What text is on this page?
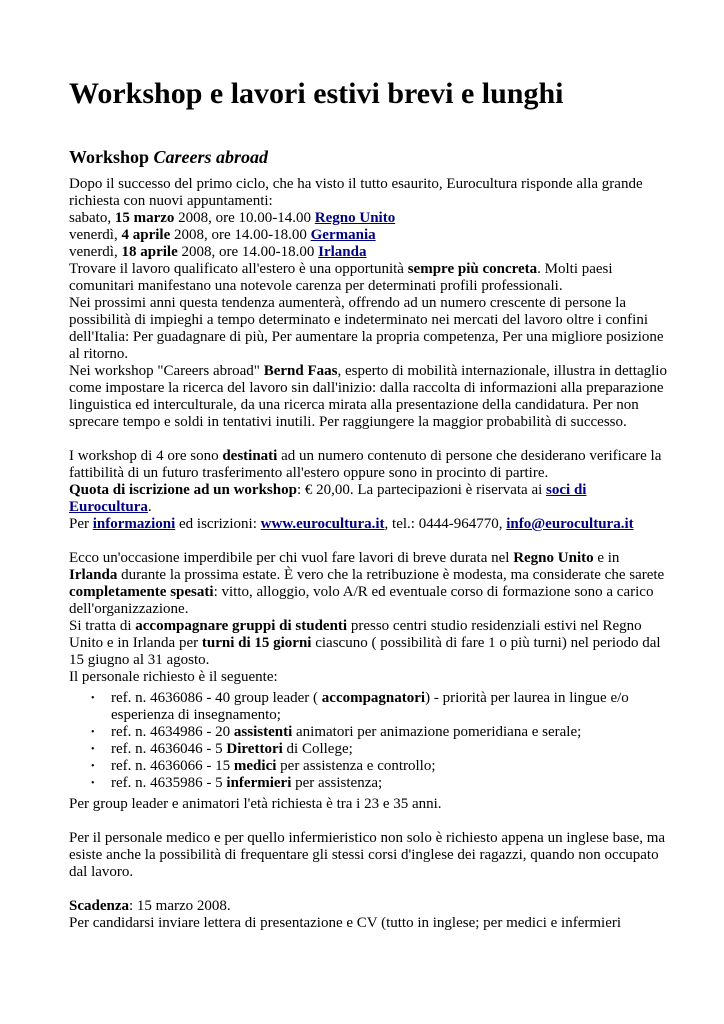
Workshop e lavori estivi brevi e lunghi
Workshop Careers abroad

Dopo il successo del primo ciclo, che ha visto il tutto esaurito, Eurocultura risponde alla grande richiesta con nuovi appuntamenti:

sabato, 15 marzo 2008, ore 10.00-14.00 Regno Unito

venerdì, 4 aprile 2008, ore 14.00-18.00 Germania

venerdì, 18 aprile 2008, ore 14.00-18.00 Irlanda

Trovare il lavoro qualificato all'estero è una opportunità sempre più concreta. Molti paesi comunitari manifestano una notevole carenza per determinati profili professionali.

Nei prossimi anni questa tendenza aumenterà, offrendo ad un numero crescente di persone la possibilità di impieghi a tempo determinato e indeterminato nei mercati del lavoro oltre i confini dell'Italia: Per guadagnare di più, Per aumentare la propria competenza, Per una migliore posizione al ritorno.

Nei workshop "Careers abroad" Bernd Faas, esperto di mobilità internazionale, illustra in dettaglio come impostare la ricerca del lavoro sin dall'inizio: dalla raccolta di informazioni alla preparazione linguistica ed interculturale, da una ricerca mirata alla presentazione della candidatura. Per non sprecare tempo e soldi in tentativi inutili. Per raggiungere la maggior probabilità di successo.

I workshop di 4 ore sono destinati ad un numero contenuto di persone che desiderano verificare la fattibilità di un futuro trasferimento all'estero oppure sono in procinto di partire.

Quota di iscrizione ad un workshop: € 20,00. La partecipazioni è riservata ai soci di Eurocultura.

Per informazioni ed iscrizioni: www.eurocultura.it, tel.: 0444-964770, info@eurocultura.it

Ecco un'occasione imperdibile per chi vuol fare lavori di breve durata nel Regno Unito e in Irlanda durante la prossima estate. È vero che la retribuzione è modesta, ma considerate che sarete completamente spesati: vitto, alloggio, volo A/R ed eventuale corso di formazione sono a carico dell'organizzazione.

Si tratta di accompagnare gruppi di studenti presso centri studio residenziali estivi nel Regno Unito e in Irlanda per turni di 15 giorni ciascuno ( possibilità di fare 1 o più turni) nel periodo dal 15 giugno al 31 agosto.

Il personale richiesto è il seguente:

• ref. n. 4636086 - 40 group leader ( accompagnatori) - priorità per laurea in lingue e/o esperienza di insegnamento;
• ref. n. 4634986 - 20 assistenti animatori per animazione pomeridiana e serale;
• ref. n. 4636046 - 5 Direttori di College;
• ref. n. 4636066 - 15 medici per assistenza e controllo;
• ref. n. 4635986 - 5 infermieri per assistenza;

Per group leader e animatori l'età richiesta è tra i 23 e 35 anni.

Per il personale medico e per quello infermieristico non solo è richiesto appena un inglese base, ma esiste anche la possibilità di frequentare gli stessi corsi d'inglese dei ragazzi, quando non occupato dal lavoro.

Scadenza: 15 marzo 2008.

Per candidarsi inviare lettera di presentazione e CV (tutto in inglese; per medici e infermieri
